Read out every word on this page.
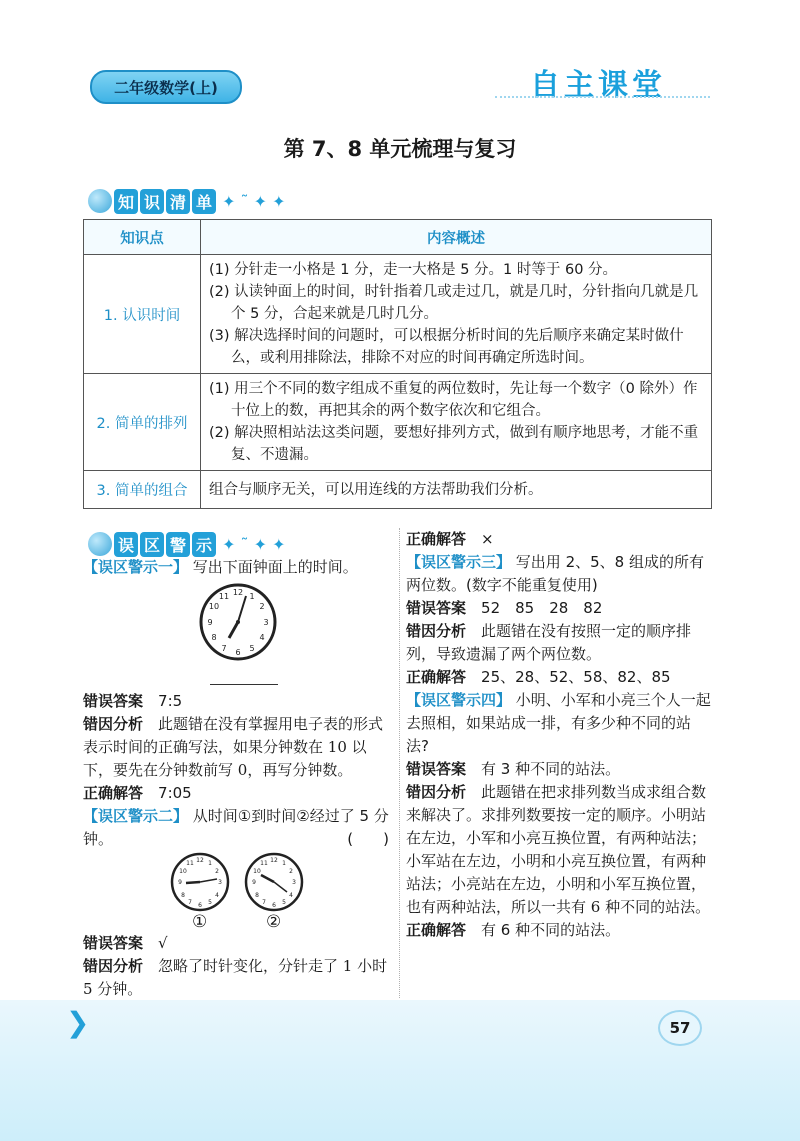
二年级数学(上)	自主课堂
第 7、8 单元梳理与复习
知 识 清 单 ✦ ˜ ✦ ✦
知识点	内容概述
1. 认识时间	(1) 分针走一小格是 1 分，走一大格是 5 分。1 时等于 60 分。
(2) 认读钟面上的时间，时针指着几或走过几，就是几时，分针指向几就是几个 5 分，合起来就是几时几分。
(3) 解决选择时间的问题时，可以根据分析时间的先后顺序来确定某时做什么，或利用排除法，排除不对应的时间再确定所选时间。

2. 简单的排列	(1) 用三个不同的数字组成不重复的两位数时，先让每一个数字（0 除外）作十位上的数，再把其余的两个数字依次和它组合。
(2) 解决照相站法这类问题，要想好排列方式，做到有顺序地思考，才能不重复、不遗漏。

3. 简单的组合	组合与顺序无关，可以用连线的方法帮助我们分析。
误 区 警 示 ✦ ˜ ✦ ✦
【误区警示一】 写出下面钟面上的时间。
12 1
2
3
4
5
6
7
8
9
10
11
错误答案　 7:5
错因分析　 此题错在没有掌握用电子表的形式表示时间的正确写法，如果分钟数在 10 以下，要先在分钟数前写 0，再写分钟数。
正确解答　 7:05
【误区警示二】 从时间①到时间②经过了 5 分钟。	(　　)
12
3
6
9
1
2
4
5
7
8
10
11	12
3
6
9
1
2
4
5
7
8
10
11
①	②
错误答案　 √
错因分析　 忽略了时针变化，分针走了 1 小时 5 分钟。
正确解答　 ×
【误区警示三】 写出用 2、5、8 组成的所有两位数。(数字不能重复使用)
错误答案　 52　85　28　82
错因分析　 此题错在没有按照一定的顺序排列，导致遗漏了两个两位数。
正确解答　 25、28、52、58、82、85
【误区警示四】 小明、小军和小亮三个人一起去照相，如果站成一排，有多少种不同的站法?
错误答案　 有 3 种不同的站法。
错因分析　 此题错在把求排列数当成求组合数来解决了。求排列数要按一定的顺序。小明站在左边，小军和小亮互换位置，有两种站法；小军站在左边，小明和小亮互换位置，有两种站法；小亮站在左边，小明和小军互换位置，也有两种站法，所以一共有 6 种不同的站法。
正确解答　 有 6 种不同的站法。
❯	57
